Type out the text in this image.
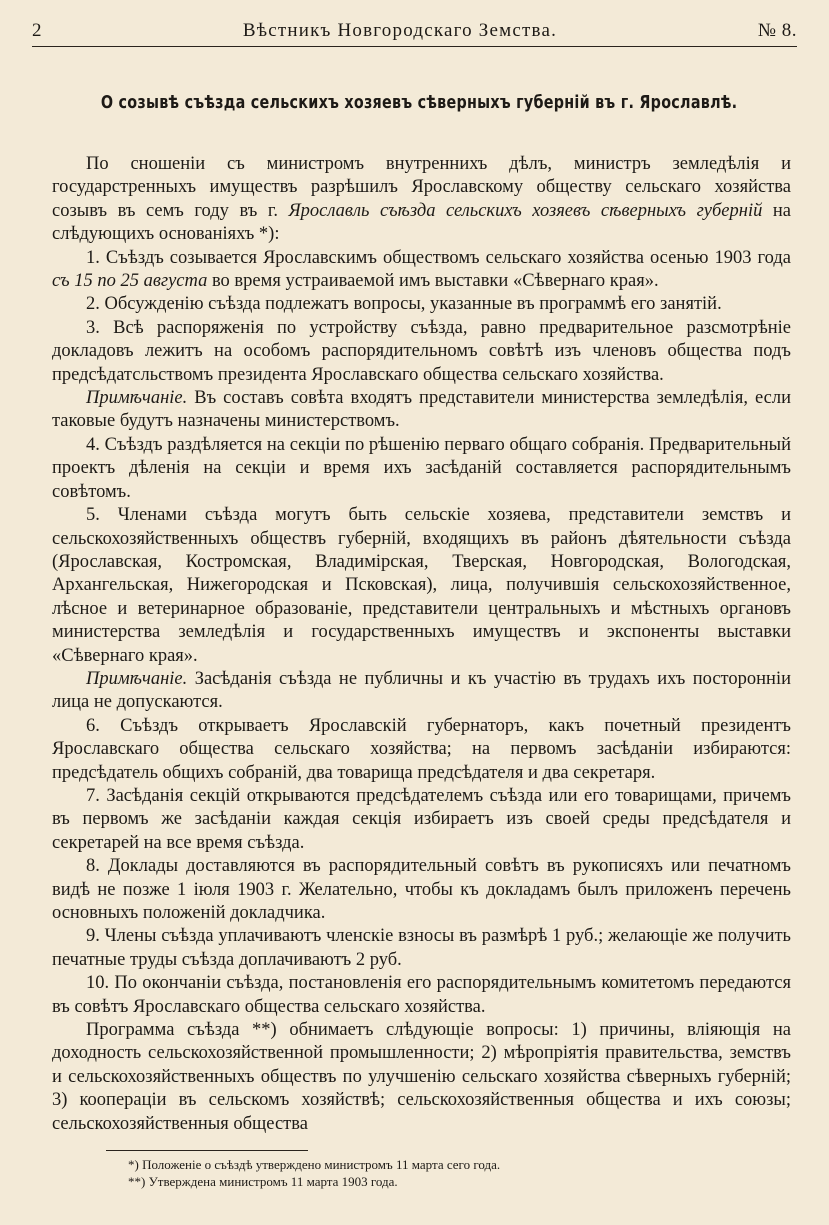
2	Вѣстникъ Новгородскаго Земства.	№ 8.
О созывѣ съѣзда сельскихъ хозяевъ сѣверныхъ губерній въ г. Ярославлѣ.

По сношеніи съ министромъ внутреннихъ дѣлъ, министръ земледѣлія и государстренныхъ имуществъ разрѣшилъ Ярославскому обществу сельскаго хозяйства созывъ въ семъ году въ г. Ярославль съѣзда сельскихъ хозяевъ сѣверныхъ губерній на слѣдующихъ основаніяхъ *):

1. Съѣздъ созывается Ярославскимъ обществомъ сельскаго хозяйства осенью 1903 года съ 15 по 25 августа во время устраиваемой имъ выставки «Сѣвернаго края».

2. Обсужденію съѣзда подлежатъ вопросы, указанные въ программѣ его занятій.

3. Всѣ распоряженія по устройству съѣзда, равно предварительное разсмотрѣніе докладовъ лежитъ на особомъ распорядительномъ совѣтѣ изъ членовъ общества подъ предсѣдатсльствомъ президента Ярославскаго общества сельскаго хозяйства.

Примѣчаніе. Въ составъ совѣта входятъ представители министерства земледѣлія, если таковые будутъ назначены министерствомъ.

4. Съѣздъ раздѣляется на секціи по рѣшенію перваго общаго собранія. Предварительный проектъ дѣленія на секціи и время ихъ засѣданій составляется распорядительнымъ совѣтомъ.

5. Членами съѣзда могутъ быть сельскіе хозяева, представители земствъ и сельскохозяйственныхъ обществъ губерній, входящихъ въ районъ дѣятельности съѣзда (Ярославская, Костромская, Владимірская, Тверская, Новгородская, Вологодская, Архангельская, Нижегородская и Псковская), лица, получившія сельскохозяйственное, лѣсное и ветеринарное образованіе, представители центральныхъ и мѣстныхъ органовъ министерства земледѣлія и государственныхъ имуществъ и экспоненты выставки «Сѣвернаго края».

Примѣчаніе. Засѣданія съѣзда не публичны и къ участію въ трудахъ ихъ посторонніи лица не допускаются.

6. Съѣздъ открываетъ Ярославскій губернаторъ, какъ почетный президентъ Ярославскаго общества сельскаго хозяйства; на первомъ засѣданіи избираются: предсѣдатель общихъ собраній, два товарища предсѣдателя и два секретаря.

7. Засѣданія секцій открываются предсѣдателемъ съѣзда или его товарищами, причемъ въ первомъ же засѣданіи каждая секція избираетъ изъ своей среды предсѣдателя и секретарей на все время съѣзда.

8. Доклады доставляются въ распорядительный совѣтъ въ рукописяхъ или печатномъ видѣ не позже 1 іюля 1903 г. Желательно, чтобы къ докладамъ былъ приложенъ перечень основныхъ положеній докладчика.

9. Члены съѣзда уплачиваютъ членскіе взносы въ размѣрѣ 1 руб.; желающіе же получить печатные труды съѣзда доплачиваютъ 2 руб.

10. По окончаніи съѣзда, постановленія его распорядительнымъ комитетомъ передаются въ совѣтъ Ярославскаго общества сельскаго хозяйства.

Программа съѣзда **) обнимаетъ слѣдующіе вопросы: 1) причины, вліяющія на доходность сельскохозяйственной промышленности; 2) мѣропріятія правительства, земствъ и сельскохозяйственныхъ обществъ по улучшенію сельскаго хозяйства сѣверныхъ губерній; 3) коопераціи въ сельскомъ хозяйствѣ; сельскохозяйственныя общества и ихъ союзы; сельскохозяйственныя общества

*) Положеніе о съѣздѣ утверждено министромъ 11 марта сего года.
**) Утверждена министромъ 11 марта 1903 года.
